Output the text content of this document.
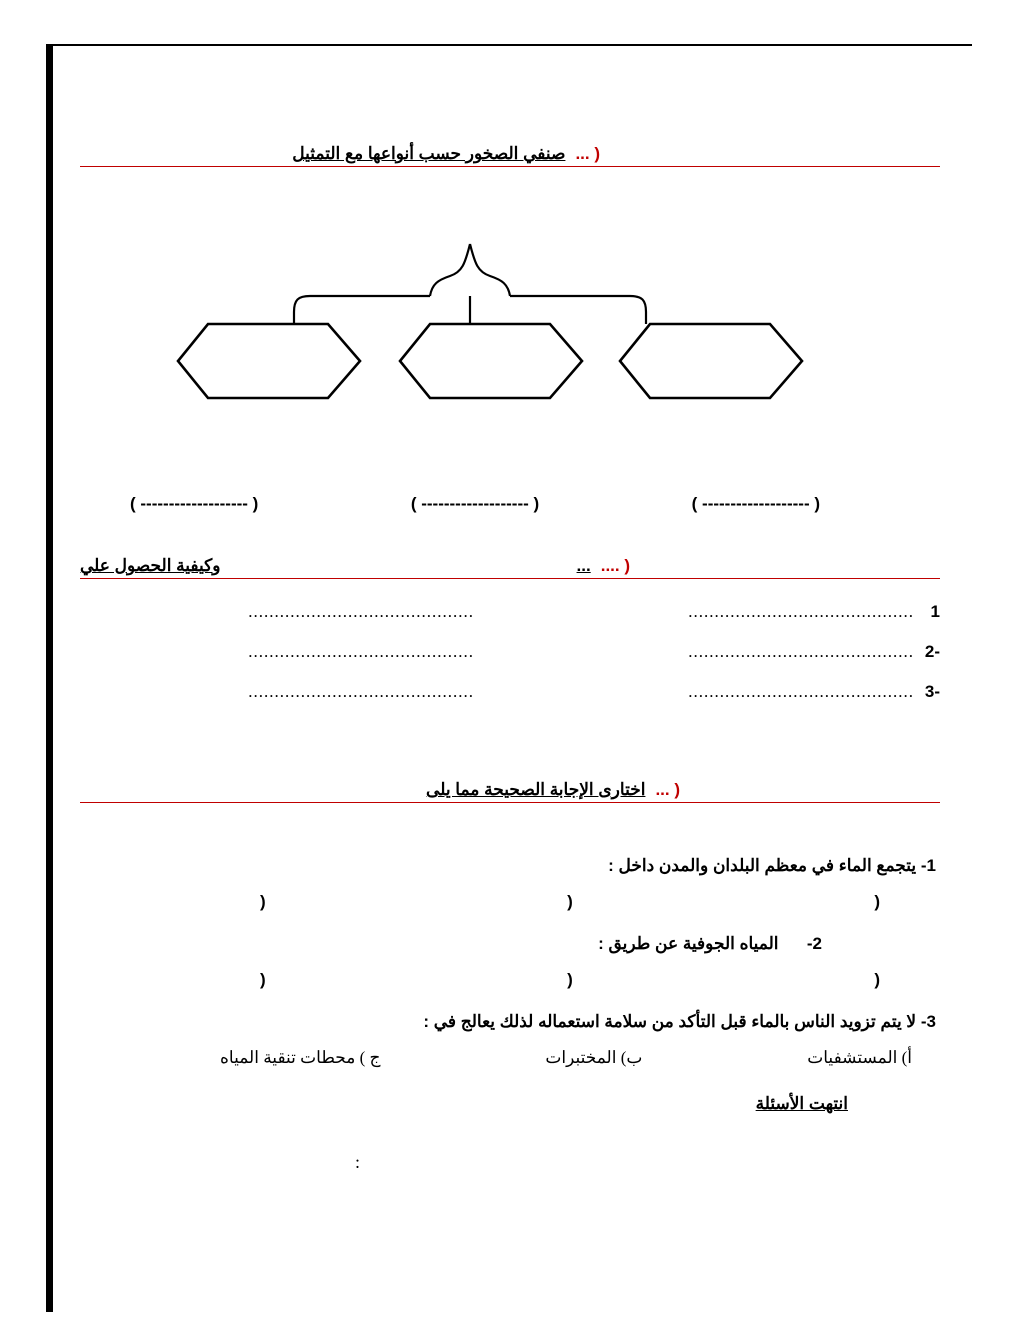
( ...
صنفي الصخور حسب أنواعها مع التمثيل
( ------------------- )
( ------------------- )
( ------------------- )
( ....
...
وكيفية الحصول علي
1
...........................................
...........................................
-2
...........................................
...........................................
-3
...........................................
...........................................
( ...
اختارى الإجابة الصحيحة مما يلى
1- يتجمع الماء في معظم البلدان والمدن داخل :
(
(
(
2-      المياه الجوفية عن طريق :
(
(
(
3- لا يتم تزويد الناس بالماء قبل التأكد من سلامة استعماله لذلك يعالج في :
أ) المستشفيات
ب) المختبرات
ج ) محطات تنقية المياه
انتهت الأسئلة
:
